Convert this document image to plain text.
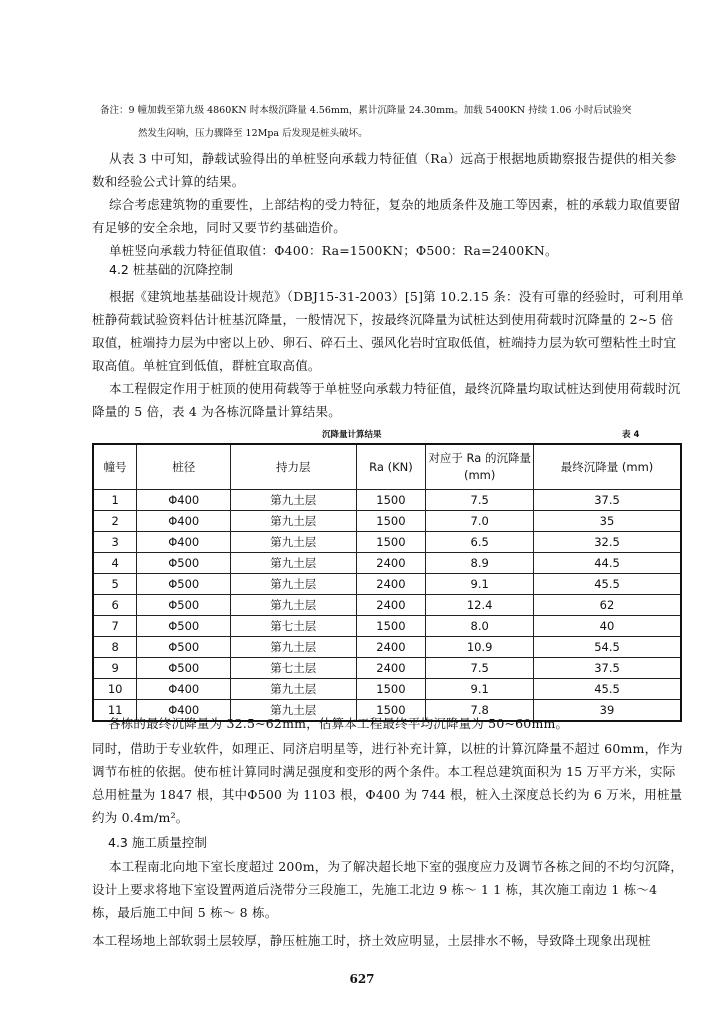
备注：9 幢加载至第九级 4860KN 时本级沉降量 4.56mm，累计沉降量 24.30mm。加载 5400KN 持续 1.06 小时后试验突
然发生闷响，压力骤降至 12Mpa 后发现是桩头破坏。

从表 3 中可知，静载试验得出的单桩竖向承载力特征值（Ra）远高于根据地质勘察报告提供的相关参数和经验公式计算的结果。

综合考虑建筑物的重要性，上部结构的受力特征，复杂的地质条件及施工等因素，桩的承载力取值要留有足够的安全余地，同时又要节约基础造价。

单桩竖向承载力特征值取值：Φ400：Ra=1500KN；Φ500：Ra=2400KN。

4.2 桩基础的沉降控制

根据《建筑地基基础设计规范》（DBJ15-31-2003）[5]第 10.2.15 条：没有可靠的经验时，可利用单桩静荷载试验资料估计桩基沉降量，一般情况下，按最终沉降量为试桩达到使用荷载时沉降量的 2~5 倍取值，桩端持力层为中密以上砂、卵石、碎石土、强风化岩时宜取低值，桩端持力层为软可塑粘性土时宜取高值。单桩宜到低值，群桩宜取高值。

本工程假定作用于桩顶的使用荷载等于单桩竖向承载力特征值，最终沉降量均取试桩达到使用荷载时沉降量的 5 倍，表 4 为各栋沉降量计算结果。

沉降量计算结果	表 4
幢号	桩径	持力层	Ra (KN)	对应于 Ra 的沉降量 (mm)	最终沉降量 (mm)
1	Φ400	第九土层	1500	7.5	37.5
2	Φ400	第九土层	1500	7.0	35
3	Φ400	第九土层	1500	6.5	32.5
4	Φ500	第九土层	2400	8.9	44.5
5	Φ500	第九土层	2400	9.1	45.5
6	Φ500	第九土层	2400	12.4	62
7	Φ500	第七土层	1500	8.0	40
8	Φ500	第九土层	2400	10.9	54.5
9	Φ500	第七土层	2400	7.5	37.5
10	Φ400	第九土层	1500	9.1	45.5
11	Φ400	第九土层	1500	7.8	39

各栋的最终沉降量为 32.5~62mm，估算本工程最终平均沉降量为 50~60mm。

同时，借助于专业软件，如理正、同济启明星等，进行补充计算，以桩的计算沉降量不超过 60mm，作为调节布桩的依据。使布桩计算同时满足强度和变形的两个条件。本工程总建筑面积为 15 万平方米，实际总用桩量为 1847 根，其中Φ500 为 1103 根，Φ400 为 744 根，桩入土深度总长约为 6 万米，用桩量约为 0.4m/m²。

4.3 施工质量控制

本工程南北向地下室长度超过 200m，为了解决超长地下室的强度应力及调节各栋之间的不均匀沉降，设计上要求将地下室设置两道后浇带分三段施工，先施工北边 9 栋～ 1 1 栋，其次施工南边 1 栋～4 栋，最后施工中间 5 栋～ 8 栋。

本工程场地上部软弱土层较厚，静压桩施工时，挤土效应明显，土层排水不畅，导致降土现象出现桩

627
